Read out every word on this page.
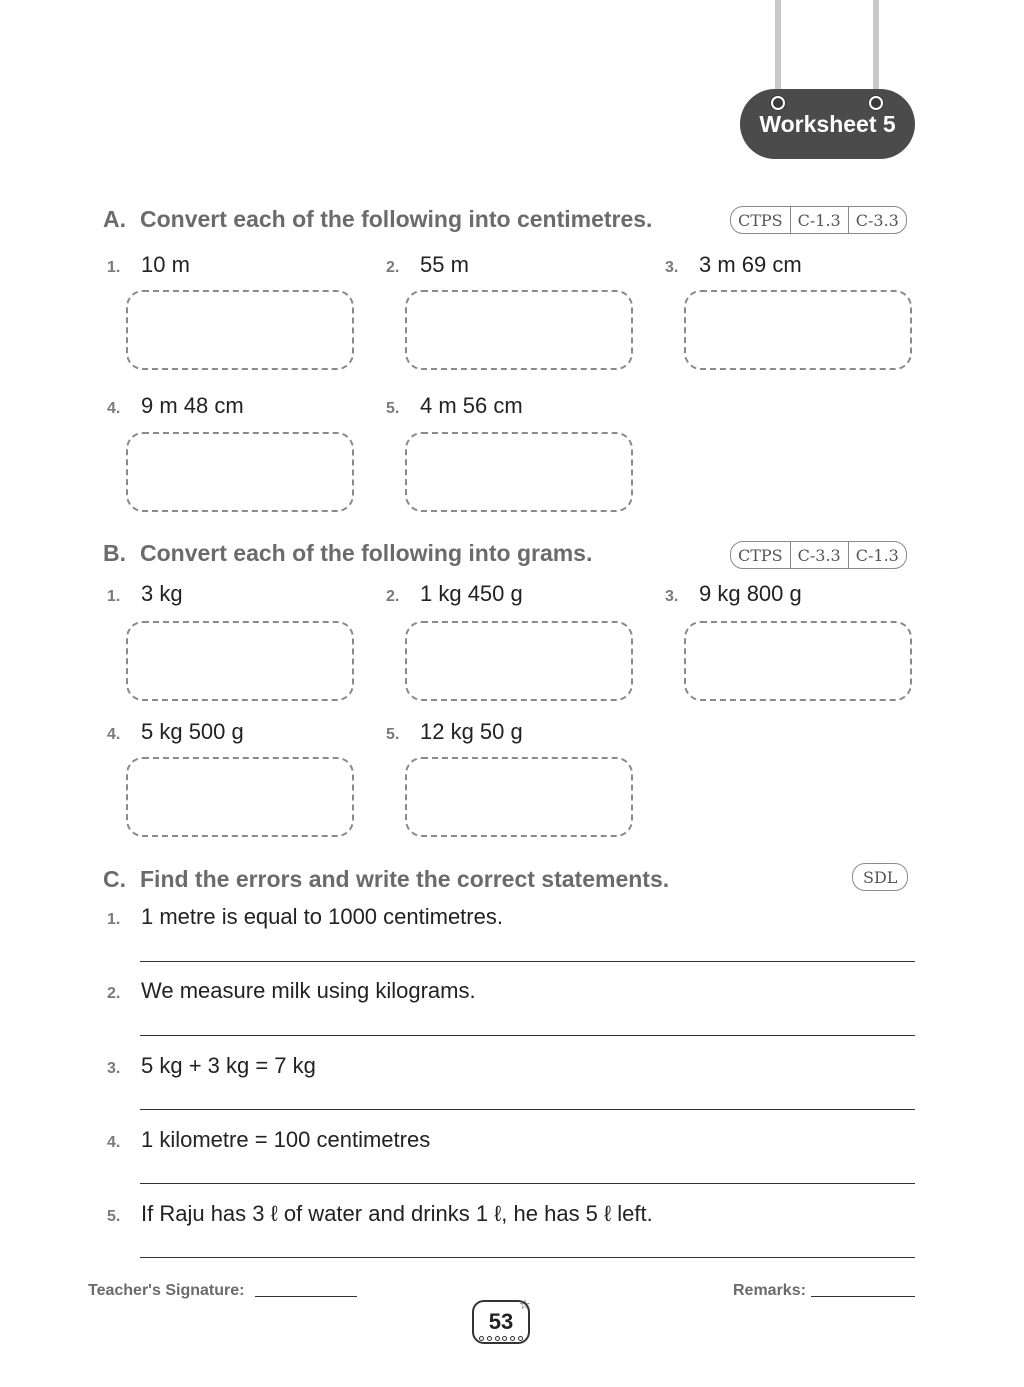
Worksheet 5
A. Convert each of the following into centimetres.	CTPS C-1.3 C-3.3
1. 10 m	2. 55 m	3. 3 m 69 cm
4. 9 m 48 cm	5. 4 m 56 cm
B. Convert each of the following into grams.	CTPS C-3.3 C-1.3
1. 3 kg	2. 1 kg 450 g	3. 9 kg 800 g
4. 5 kg 500 g	5. 12 kg 50 g
C. Find the errors and write the correct statements.	SDL
1. 1 metre is equal to 1000 centimetres.
2. We measure milk using kilograms.
3. 5 kg + 3 kg = 7 kg
4. 1 kilometre = 100 centimetres
5. If Raju has 3 ℓ of water and drinks 1 ℓ, he has 5 ℓ left.
Teacher's Signature:	Remarks:
53
☆
